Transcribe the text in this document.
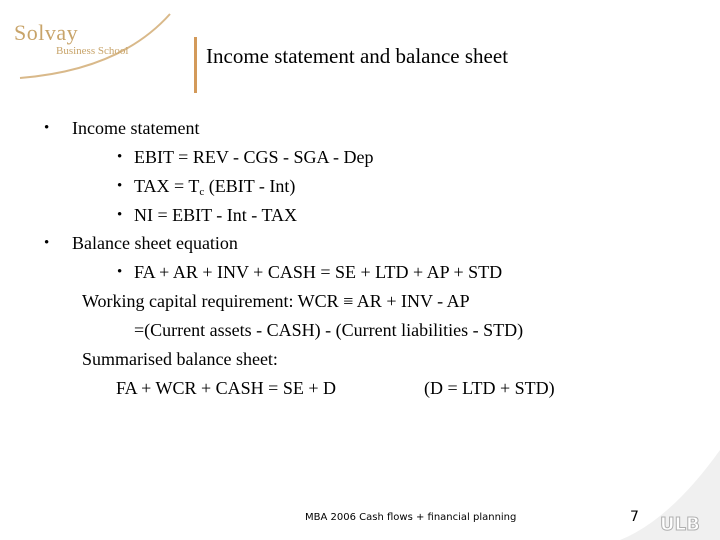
Solvay
Business School	Income statement and balance sheet
• Income statement
• EBIT = REV - CGS - SGA - Dep
• TAX = $T_c$ (EBIT - Int)
• NI = EBIT - Int - TAX
• Balance sheet equation
• FA + AR + INV + CASH = SE + LTD + AP + STD
Working capital requirement: WCR ≡ AR + INV - AP
=(Current assets - CASH) - (Current liabilities - STD)
Summarised balance sheet:
FA + WCR + CASH = SE + D	(D = LTD + STD)
MBA 2006 Cash flows + financial planning	7 ULB
